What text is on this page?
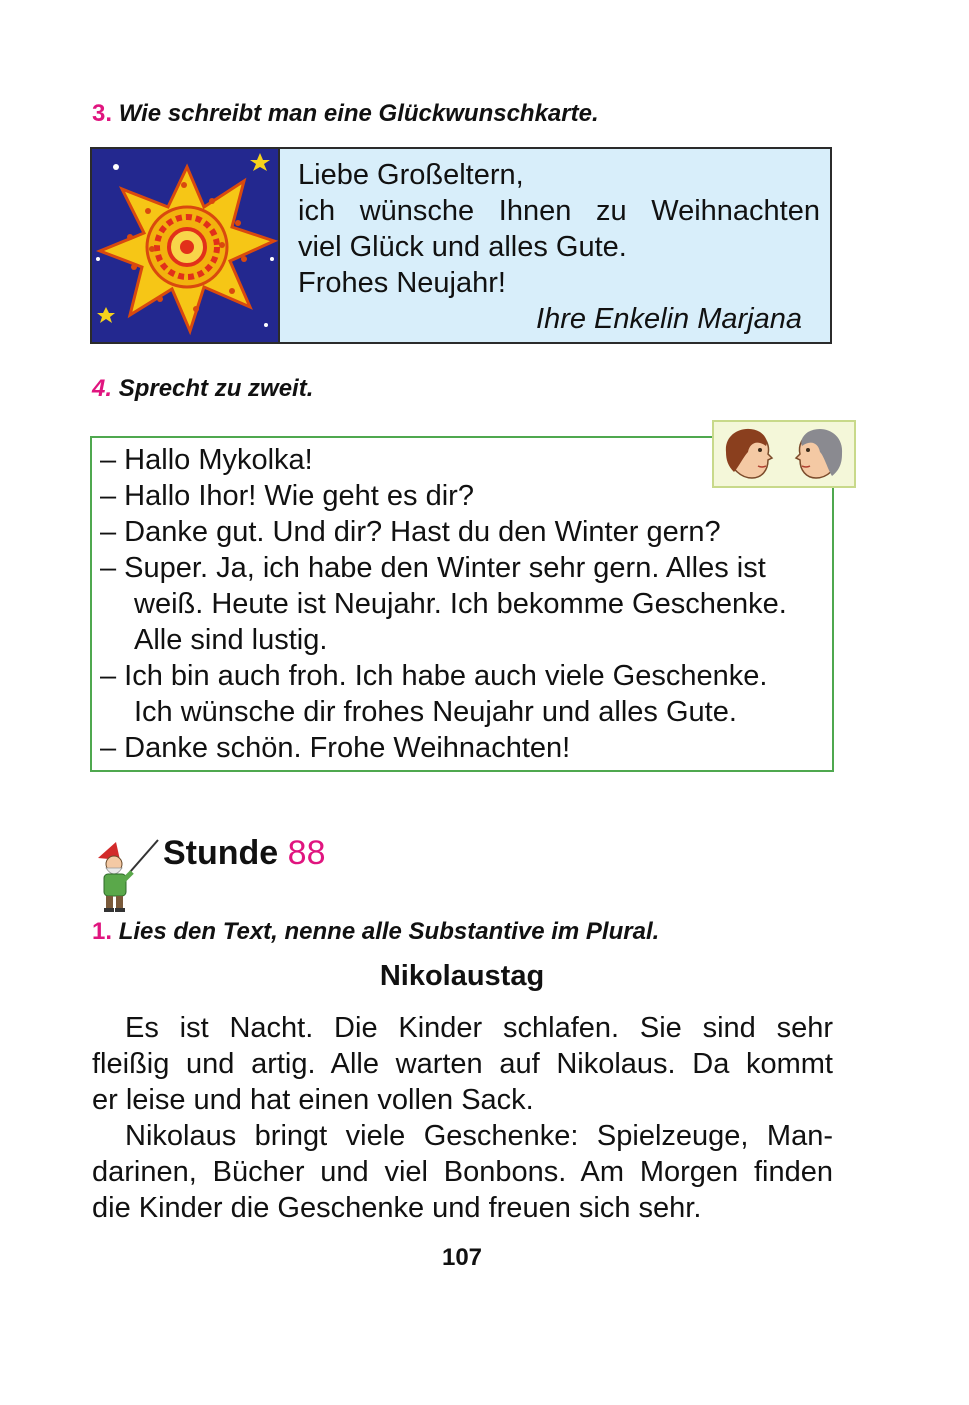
3. Wie schreibt man eine Glückwunschkarte.
Liebe Großeltern,
ich wünsche Ihnen zu Weihnachten
viel Glück und alles Gute.
Frohes Neujahr!
Ihre Enkelin Marjana
4. Sprecht zu zweit.
– Hallo Mykolka!
– Hallo Ihor! Wie geht es dir?
– Danke gut. Und dir? Hast du den Winter gern?
– Super. Ja, ich habe den Winter sehr gern. Alles ist
weiß. Heute ist Neujahr. Ich bekomme Geschenke.
Alle sind lustig.
– Ich bin auch froh. Ich habe auch viele Geschenke.
Ich wünsche dir frohes Neujahr und alles Gute.
– Danke schön. Frohe Weihnachten!
Stunde 88
1. Lies den Text, nenne alle Substantive im Plural.
Nikolaustag
Es ist Nacht. Die Kinder schlafen. Sie sind sehr
fleißig und artig. Alle warten auf Nikolaus. Da kommt
er leise und hat einen vollen Sack.
Nikolaus bringt viele Geschenke: Spielzeuge, Man-
darinen, Bücher und viel Bonbons. Am Morgen finden
die Kinder die Geschenke und freuen sich sehr.
107
